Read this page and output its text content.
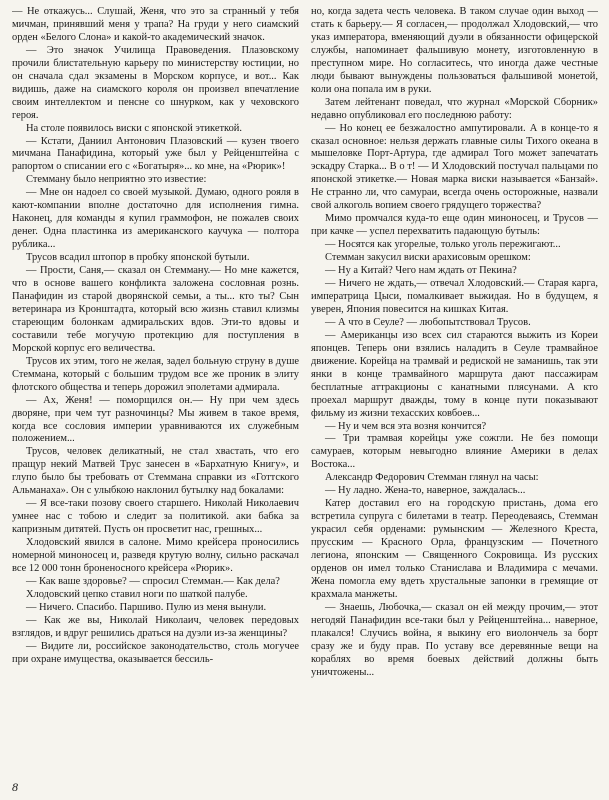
— Не откажусь... Слушай, Женя, что это за странный у тебя мичман, принявший меня у трапа? На груди у него сиамский орден «Белого Слона» и какой-то академический значок.

— Это значок Училища Правоведения. Плазовскому прочили блистательную карьеру по министерству юстиции, но он сначала сдал экзамены в Морском корпусе, и вот... Как видишь, даже на сиамского короля он произвел впечатление своим интеллектом и пенсне со шнурком, как у чеховского героя.

На столе появилось виски с японской этикеткой.

— Кстати, Даниил Антонович Плазовский — кузен твоего мичмана Панафидина, который уже был у Рейценштейна с рапортом о списании его с «Богатыря»... ко мне, на «Рюрик»!

Стемману было неприятно это известие:

— Мне он надоел со своей музыкой. Думаю, одного рояля в кают-компании вполне достаточно для исполнения гимна. Наконец, для команды я купил граммофон, не пожалев своих денег. Одна пластинка из американского каучука — полтора рублика...

Трусов всадил штопор в пробку японской бутыли.

— Прости, Саня,— сказал он Стемману.— Но мне кажется, что в основе вашего конфликта заложена сословная рознь. Панафидин из старой дворянской семьи, а ты... кто ты? Сын ветеринара из Кронштадта, который всю жизнь ставил клизмы стареющим болонкам адмиральских вдов. Эти-то вдовы и составили тебе могучую протекцию для поступления в Морской корпус его величества.

Трусов их этим, того не желая, задел больную струну в душе Стеммана, который с большим трудом все же проник в элиту флотского общества и теперь дорожил эполетами адмирала.

— Ах, Женя! — поморщился он.— Ну при чем здесь дворяне, при чем тут разночинцы? Мы живем в такое время, когда все сословия империи уравниваются их служебным положением...

Трусов, человек деликатный, не стал хвастать, что его пращур некий Матвей Трус занесен в «Бархатную Книгу», и глупо было бы требовать от Стеммана справки из «Готтского Альманаха». Он с улыбкою наклонил бутылку над бокалами:

— Я все-таки позову своего старшего. Николай Николаевич умнее нас с тобою и следит за политикой. аки бабка за капризным дитятей. Пусть он просветит нас, грешных...

Хлодовский явился в салоне. Мимо крейсера проносились номерной миноносец и, разведя крутую волну, сильно раскачал все 12 000 тонн броненосного крейсера «Рюрик».

— Как ваше здоровье? — спросил Стемман.— Как дела?

Хлодовский цепко ставил ноги по шаткой палубе.

— Ничего. Спасибо. Паршиво. Пулю из меня вынули.

— Как же вы, Николай Николаич, человек передовых взглядов, и вдруг решились драться на дуэли из-за женщины?

— Видите ли, российское законодательство, столь могучее при охране имущества, оказывается бессиль-

но, когда задета честь человека. В таком случае один выход — стать к барьеру.— Я согласен,— продолжал Хлодовский,— что указ императора, вменяющий дуэли в обязанности офицерской службы, напоминает фальшивую монету, изготовленную в преступном мире. Но согласитесь, что иногда даже честные люди бывают вынуждены пользоваться фальшивой монетой, коли она попала им в руки.

Затем лейтенант поведал, что журнал «Морской Сборник» недавно опубликовал его последнюю работу:

— Но конец ее безжалостно ампутировали. А в конце-то я сказал основное: нельзя держать главные силы Тихого океана в мышеловке Порт-Артура, где адмирал Того может запечатать эскадру Старка... В о т! — И Хлодовский постучал пальцами по японской этикетке.— Новая марка виски называется «Банзай». Не странно ли, что самураи, всегда очень осторожные, назвали свой алкоголь вопием своего грядущего торжества?

Мимо промчался куда-то еще один миноносец, и Трусов — при качке — успел перехватить падающую бутыль:

— Носятся как угорелые, только уголь пережигают...

Стемман закусил виски арахисовым орешком:

— Ну а Китай? Чего нам ждать от Пекина?

— Ничего не ждать,— отвечал Хлодовский.— Старая карга, императрица Цыси, помалкивает выжидая. Но в будущем, я уверен, Япония повесится на кишках Китая.

— А что в Сеуле? — любопытствовал Трусов.

— Американцы изо всех сил стараются выжить из Кореи японцев. Теперь они взялись наладить в Сеуле трамвайное движение. Корейца на трамвай и редиской не заманишь, так эти янки в конце трамвайного маршрута дают пассажирам бесплатные аттракционы с канатными плясунами. А кто проехал маршрут дважды, тому в конце пути показывают фильму из жизни техасских ковбоев...

— Ну и чем вся эта возня кончится?

— Три трамвая корейцы уже сожгли. Не без помощи самураев, которым невыгодно влияние Америки в делах Востока...

Александр Федорович Стемман глянул на часы:

— Ну ладно. Жена-то, наверное, заждалась...

Катер доставил его на городскую пристань, дома его встретила супруга с билетами в театр. Переодеваясь, Стемман украсил себя орденами: румынским — Железного Креста, прусским — Красного Орла, французским — Почетного легиона, японским — Священного Сокровища. Из русских орденов он имел только Станислава и Владимира с мечами. Жена помогла ему вдеть хрустальные запонки в гремящие от крахмала манжеты.

— Знаешь, Любочка,— сказал он ей между прочим,— этот негодяй Панафидин все-таки был у Рейценштейна... наверное, плакался! Случись война, я выкину его виолончель за борт сразу же и буду прав. По уставу все деревянные вещи на кораблях во время боевых действий должны быть уничтожены...

8
